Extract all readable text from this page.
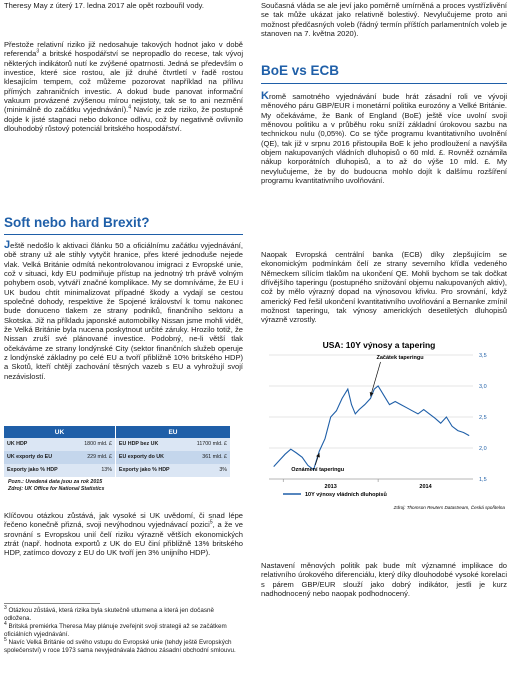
Theresy May z úterý 17. ledna 2017 ale opět rozbouřil vody.

Přestože relativní riziko již nedosahuje takových hodnot jako v době referenda$^3$ a britské hospodářství se nepropadlo do recese, tak vývoj některých indikátorů nutí ke zvýšené opatrnosti. Jedná se především o investice, které sice rostou, ale již druhé čtvrtletí v řadě rostou klesajícím tempem, což můžeme pozorovat například na přílivu přímých zahraničních investic. A dokud bude panovat informační vakuum provázené zvýšenou mírou nejistoty, tak se to ani nezmění (minimálně do začátku vyjednávání).$^4$ Navíc je zde riziko, že postupně dojde k jisté stagnaci nebo dokonce odlivu, což by negativně ovlivnilo dlouhodobý růstový potenciál britského hospodářství.

Soft nebo hard Brexit?

Ještě nedošlo k aktivaci článku 50 a oficiálnímu začátku vyjednávání, obě strany už ale stihly vytyčit hranice, přes které jednoduše nejede vlak. Velká Británie odmítá nekontrolovanou imigraci z Evropské unie, což v situaci, kdy EU podmiňuje přístup na jednotný trh právě volným pohybem osob, vytváří značné komplikace. My se domníváme, že EU i UK budou chtít minimalizovat případné škody a vydají se cestou společné dohody, respektive že Spojené království k tomu nakonec bude donuceno tlakem ze strany podniků, finančního sektoru a Skotska. Již na příkladu japonské automobilky Nissan jsme mohli vidět, že Velká Británie byla nucena poskytnout určité záruky. Hrozilo totiž, že Nissan zruší své plánované investice. Podobný, ne-li větší tlak očekáváme ze strany londýnské City (sektor finančních služeb operuje z londýnské základny po celé EU a tvoří přibližně 10% britského HDP) a Skotů, kteří chtějí zachování těsných vazeb s EU a vyhrožují svojí nezávislostí.

UK		EU	
UK HDP	1800 mld. £		EU HDP bez UK	11700 mld. £
UK exporty do EU	229 mld. £		EU exporty do UK	361 mld. £
Exporty jako % HDP	13%		Exporty jako % HDP	3%
Pozn.: Uvedená data jsou za rok 2015
Zdroj: UK Office for National Statistics

Klíčovou otázkou zůstává, jak vysoké si UK uvědomí, či snad lépe řečeno konečně přizná, svoji nevýhodnou vyjednávací pozici$^5$, a že ve srovnání s Evropskou unií čelí riziku výrazně větších ekonomických ztrát (např. hodnota exportů z UK do EU činí přibližně 13% britského HDP, zatímco dovozy z EU do UK tvoří jen 3% unijního HDP).

$^3$ Otázkou zůstává, která rizika byla skutečně utlumena a která jen dočasně odložena.

$^4$ Britská premiérka Theresa May plánuje zveřejnit svoji strategii až se začátkem oficiálních vyjednávání.

$^5$ Navíc Velká Británie od svého vstupu do Evropské unie (tehdy ještě Evropských společenství) v roce 1973 sama nevyjednávala žádnou zásadní obchodní smlouvu.

Současná vláda se ale jeví jako poměrně umírněná a proces vystřízlivění se tak může ukázat jako relativně bolestivý. Nevylučujeme proto ani možnost předčasných voleb (řádný termín příštích parlamentních voleb je stanoven na 7. května 2020).

BoE vs ECB

Kromě samotného vyjednávání bude hrát zásadní roli ve vývoji měnového páru GBP/EUR i monetární politika eurozóny a Velké Británie. My očekáváme, že Bank of England (BoE) ještě více uvolní svoji měnovou politiku a v průběhu roku sníží základní úrokovou sazbu na technickou nulu (0,05%). Co se týče programu kvantitativního uvolnění (QE), tak již v srpnu 2016 přistoupila BoE k jeho prodloužení a navýšila objem nakupovaných vládních dluhopisů o 60 mld. £. Rovněž oznámila nákup korporátních dluhopisů, a to až do výše 10 mld. £. My nevylučujeme, že by do budoucna mohlo dojít k dalšímu rozšíření programu kvantitativního uvolňování.

Naopak Evropská centrální banka (ECB) díky zlepšujícím se ekonomickým podmínkám čelí ze strany severního křídla vedeného Německem sílícím tlakům na ukončení QE. Mohli bychom se tak dočkat dřívějšího taperingu (postupného snižování objemu nakupovaných aktiv), což by mělo výrazný dopad na výnosovou křivku. Pro srovnání, když americký Fed řešil ukončení kvantitativního uvolňování a Bernanke zmínil možnost taperingu, tak výnosy amerických desetiletých dluhopisů výrazně vzrostly.

USA: 10Y výnosy a tapering
1,5
2,0
2,5
3,0
3,5
2013	2014
Začátek taperingu
Oznámení taperingu
10Y výnosy vládních dluhopisů
Zdroj: Thomson Reuters Datastream, Česká spořitelna

Nastavení měnových politik pak bude mít významné implikace do relativního úrokového diferenciálu, který díky dlouhodobé vysoké korelaci s párem GBP/EUR slouží jako dobrý indikátor, jestli je kurz nadhodnocený nebo naopak podhodnocený.
